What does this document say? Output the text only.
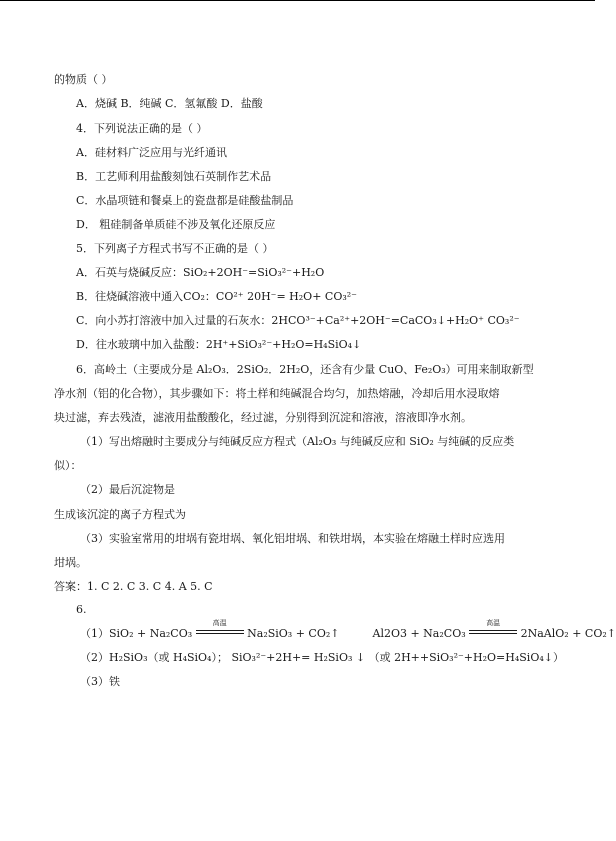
的物质（ ）
A．烧碱 B．纯碱 C．氢氟酸 D．盐酸
4．下列说法正确的是（ ）
A．硅材料广泛应用与光纤通讯
B．工艺师利用盐酸刻蚀石英制作艺术品
C．水晶项链和餐桌上的瓷盘都是硅酸盐制品
D． 粗硅制备单质硅不涉及氧化还原反应
5．下列离子方程式书写不正确的是（ ）
A．石英与烧碱反应：SiO₂+2OH⁻=SiO₃²⁻+H₂O
B．往烧碱溶液中通入CO₂：CO²⁺ 20H⁻= H₂O+ CO₃²⁻
C．向小苏打溶液中加入过量的石灰水：2HCO³⁻+Ca²⁺+2OH⁻=CaCO₃↓+H₂O⁺ CO₃²⁻
D．往水玻璃中加入盐酸：2H⁺+SiO₃²⁻+H₂O=H₄SiO₄↓
6．高岭土（主要成分是 Al₂O₃．2SiO₂．2H₂O，还含有少量 CuO、Fe₂O₃）可用来制取新型
净水剂（铝的化合物），其步骤如下：将土样和纯碱混合均匀，加热熔融，冷却后用水浸取熔
块过滤，弃去残渣，滤液用盐酸酸化，经过滤，分别得到沉淀和溶液，溶液即净水剂。
（1）写出熔融时主要成分与纯碱反应方程式（Al₂O₃ 与纯碱反应和 SiO₂ 与纯碱的反应类
似）：
（2）最后沉淀物是
生成该沉淀的离子方程式为
（3）实验室常用的坩埚有瓷坩埚、氧化铝坩埚、和铁坩埚，本实验在熔融土样时应选用
坩埚。
答案：1. C 2. C 3. C 4. A 5. C
6.
（1）SiO₂ + Na₂CO₃
高温
Na₂SiO₃ + CO₂↑	Al2O3 + Na₂CO₃
高温
2NaAlO₂ + CO₂↑
（2）H₂SiO₃（或 H₄SiO₄）； SiO₃²⁻+2H+= H₂SiO₃ ↓ （或 2H++SiO₃²⁻+H₂O=H₄SiO₄↓）
（3）铁
